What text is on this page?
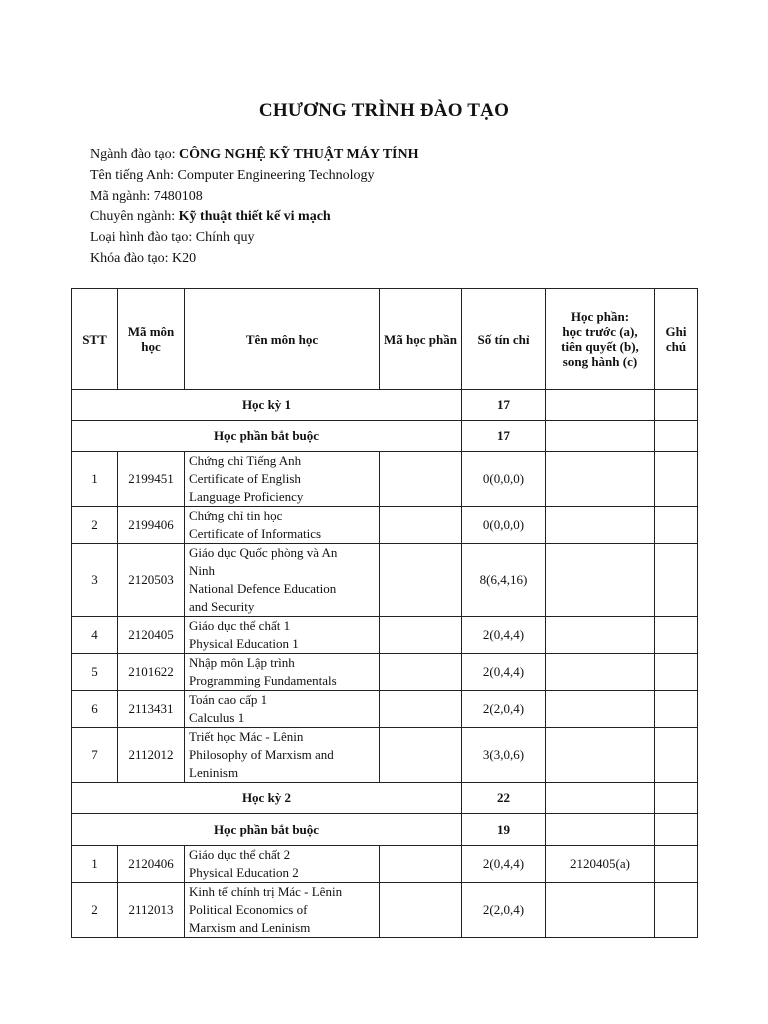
CHƯƠNG TRÌNH ĐÀO TẠO
Ngành đào tạo: CÔNG NGHỆ KỸ THUẬT MÁY TÍNH
Tên tiếng Anh: Computer Engineering Technology
Mã ngành: 7480108
Chuyên ngành: Kỹ thuật thiết kế vi mạch
Loại hình đào tạo: Chính quy
Khóa đào tạo: K20
STT	Mã môn học	Tên môn học	Mã học phần	Số tín chỉ	Học phần:
học trước (a),
tiên quyết (b),
song hành (c)	Ghi chú
Học kỳ 1				17		
Học phần bắt buộc				17		
1	2199451	Chứng chỉ Tiếng Anh
Certificate of English
Language Proficiency		0(0,0,0)		
2	2199406	Chứng chỉ tin học
Certificate of Informatics		0(0,0,0)		
3	2120503	Giáo dục Quốc phòng và An
Ninh
National Defence Education
and Security		8(6,4,16)		
4	2120405	Giáo dục thể chất 1
Physical Education 1		2(0,4,4)		
5	2101622	Nhập môn Lập trình
Programming Fundamentals		2(0,4,4)		
6	2113431	Toán cao cấp 1
Calculus 1		2(2,0,4)		
7	2112012	Triết học Mác - Lênin
Philosophy of Marxism and
Leninism		3(3,0,6)		
Học kỳ 2				22		
Học phần bắt buộc				19		
1	2120406	Giáo dục thể chất 2
Physical Education 2		2(0,4,4)	2120405(a)	
2	2112013	Kinh tế chính trị Mác - Lênin
Political Economics of
Marxism and Leninism		2(2,0,4)		
